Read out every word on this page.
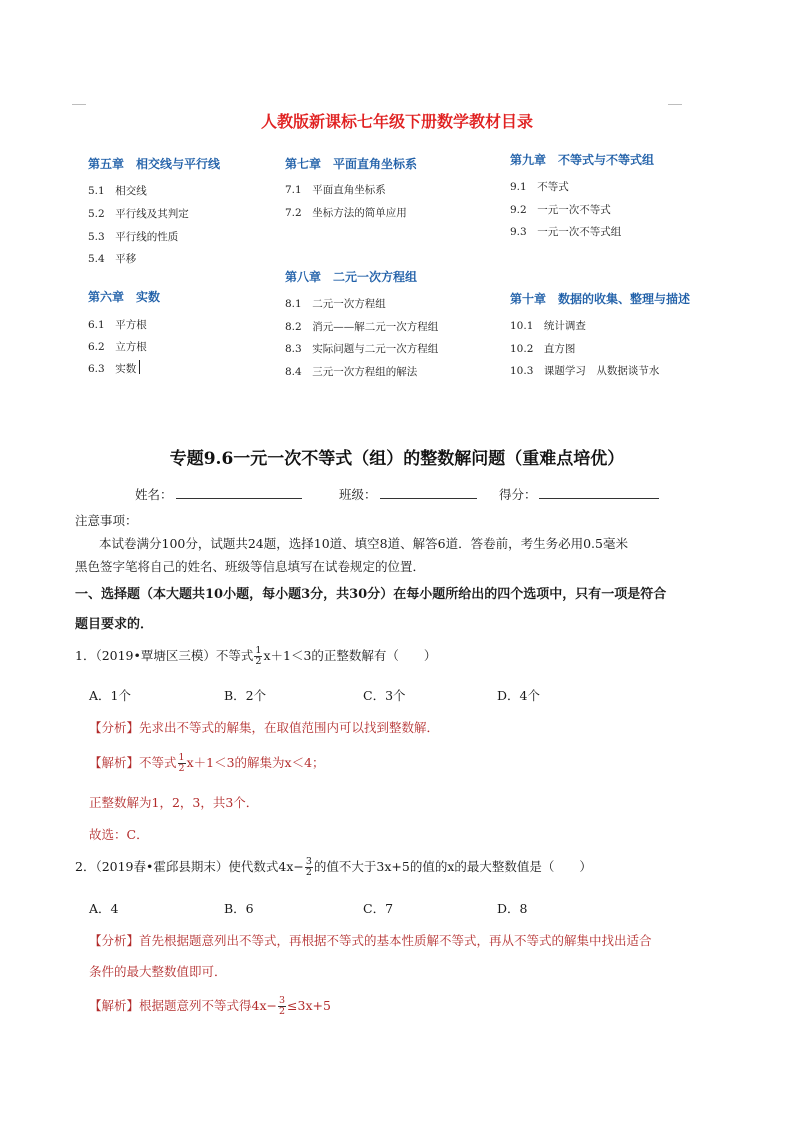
人教版新课标七年级下册数学教材目录
第五章　相交线与平行线
5.1　相交线
5.2　平行线及其判定
5.3　平行线的性质
5.4　平移
第六章　实数
6.1　平方根
6.2　立方根
6.3　实数
第七章　平面直角坐标系
7.1　平面直角坐标系
7.2　坐标方法的简单应用
第八章　二元一次方程组
8.1　二元一次方程组
8.2　消元——解二元一次方程组
8.3　实际问题与二元一次方程组
8.4　三元一次方程组的解法
第九章　不等式与不等式组
9.1　不等式
9.2　一元一次不等式
9.3　一元一次不等式组
第十章　数据的收集、整理与描述
10.1　统计调查
10.2　直方图
10.3　课题学习　从数据谈节水
专题9.6一元一次不等式（组）的整数解问题（重难点培优）
姓名：	班级：	得分：
注意事项：
本试卷满分100分，试题共24题，选择10道、填空8道、解答6道．答卷前，考生务必用0.5毫米
黑色签字笔将自己的姓名、班级等信息填写在试卷规定的位置．
一、选择题（本大题共10小题，每小题3分，共30分）在每小题所给出的四个选项中，只有一项是符合
题目要求的．
1．（2019•覃塘区三模）不等式 $\frac{1}{2} x+1<3$的正整数解有（　　）
A．1个	B．2个	C．3个	D．4个
【分析】先求出不等式的解集，在取值范围内可以找到整数解．
【解析】不等式 $\frac{1}{2} x+1<3$的解集为x＜4；
正整数解为1，2，3，共3个．
故选：C．
2．（2019春•霍邱县期末）使代数式$4x- \frac{3}{2}$ 的值不大于3x+5的值的x的最大整数值是（　　）
A．4	B．6	C．7	D．8
【分析】首先根据题意列出不等式，再根据不等式的基本性质解不等式，再从不等式的解集中找出适合
条件的最大整数值即可．
【解析】根据题意列不等式得$4x- \frac{3}{2} \le 3x+5$
